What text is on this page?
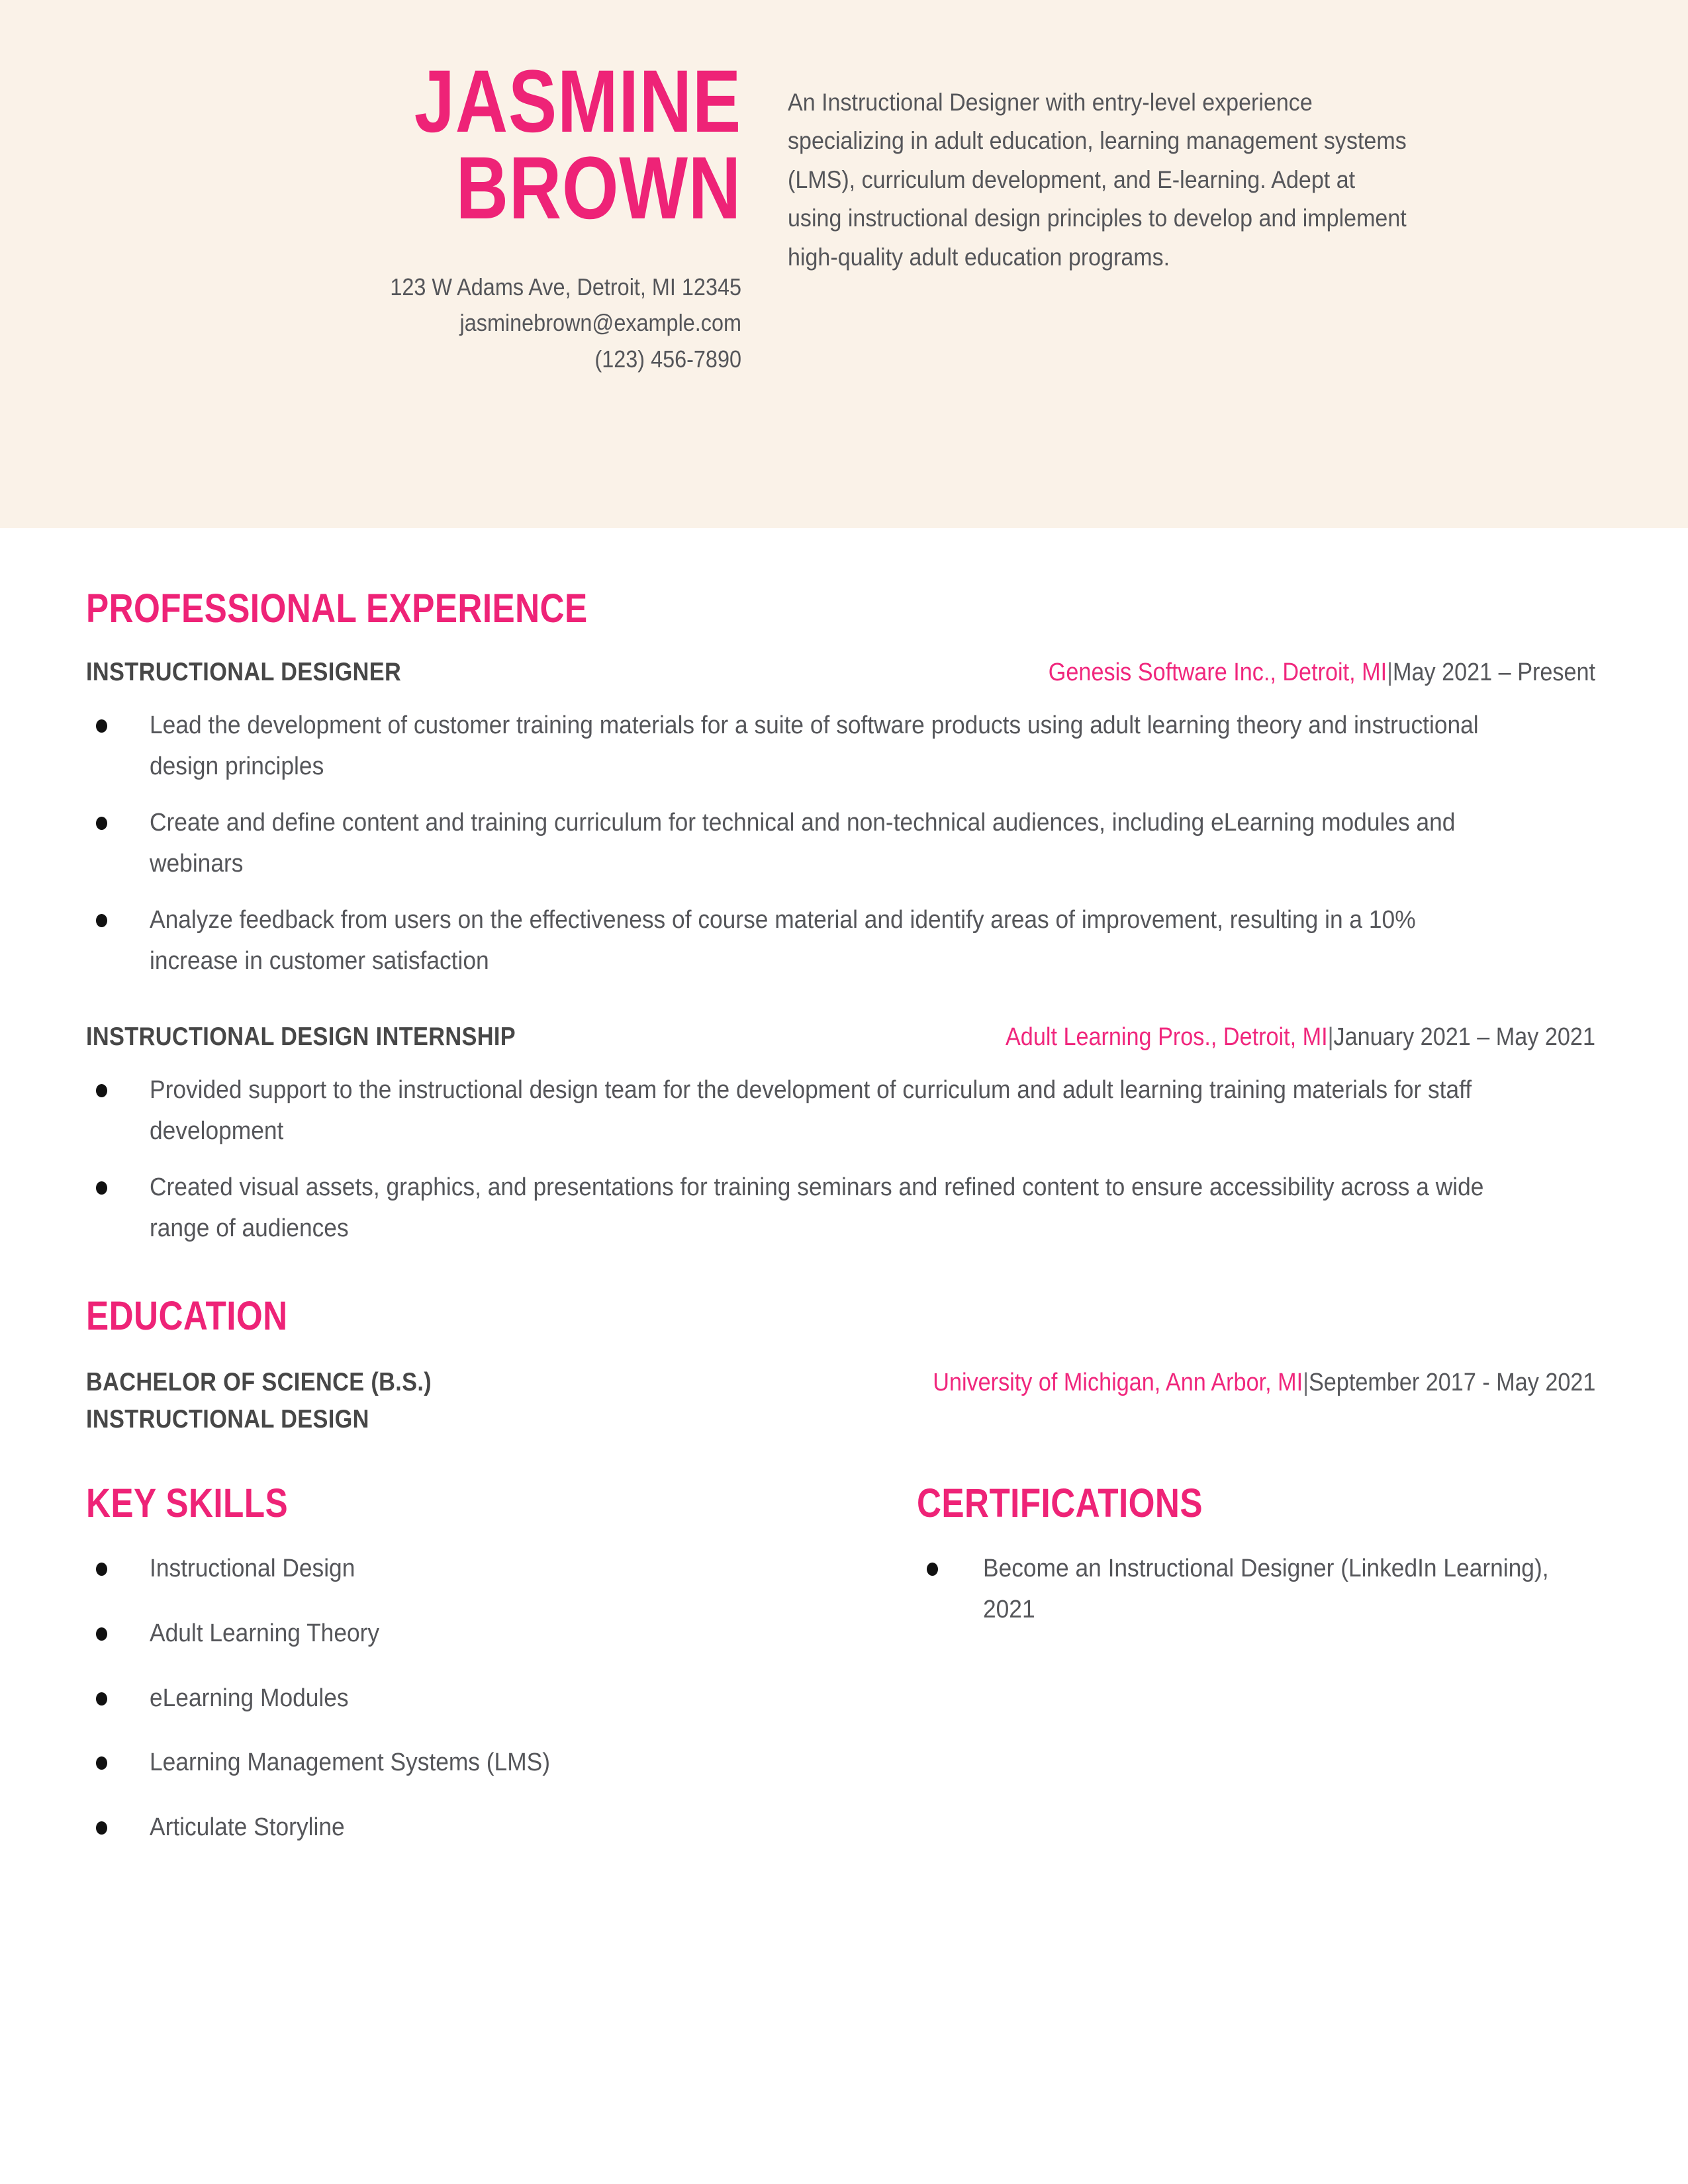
JASMINE
BROWN
123 W Adams Ave, Detroit, MI 12345
jasminebrown@example.com
(123) 456-7890
An Instructional Designer with entry-level experience specializing in adult education, learning management systems (LMS), curriculum development, and E-learning. Adept at using instructional design principles to develop and implement high-quality adult education programs.
PROFESSIONAL EXPERIENCE
INSTRUCTIONAL DESIGNER	Genesis Software Inc., Detroit, MI|May 2021 – Present
Lead the development of customer training materials for a suite of software products using adult learning theory and instructional design principles
Create and define content and training curriculum for technical and non-technical audiences, including eLearning modules and webinars
Analyze feedback from users on the effectiveness of course material and identify areas of improvement, resulting in a 10% increase in customer satisfaction
INSTRUCTIONAL DESIGN INTERNSHIP	Adult Learning Pros., Detroit, MI|January 2021 – May 2021
Provided support to the instructional design team for the development of curriculum and adult learning training materials for staff development
Created visual assets, graphics, and presentations for training seminars and refined content to ensure accessibility across a wide range of audiences
EDUCATION
BACHELOR OF SCIENCE (B.S.)
INSTRUCTIONAL DESIGN
University of Michigan, Ann Arbor, MI|September 2017 - May 2021
KEY SKILLS
Instructional Design
Adult Learning Theory
eLearning Modules
Learning Management Systems (LMS)
Articulate Storyline
CERTIFICATIONS
Become an Instructional Designer (LinkedIn Learning), 2021
